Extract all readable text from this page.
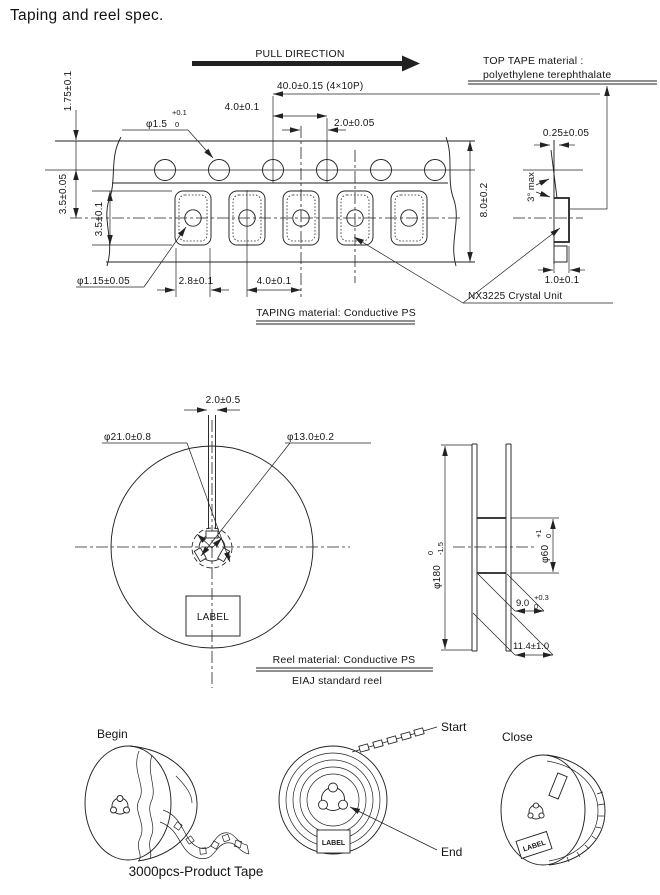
Taping and reel spec.
PULL DIRECTION
40.0±0.15 (4×10P)
4.0±0.1
2.0±0.05
1.75±0.1
3.5±0.05
3.5±0.1
φ1.5
+0.1
0
φ1.15±0.05	2.8±0.1	4.0±0.1
8.0±0.2
0.25±0.05
3° max
1.0±0.1
TOP TAPE material :
polyethylene terephthalate
NX3225 Crystal Unit
TAPING material: Conductive PS
2.0±0.5
φ21.0±0.8	φ13.0±0.2
LABEL
φ180
0 -1.5	φ60
+1 0
9.0
+0.3
0
11.4±1.0
Reel material: Conductive PS
EIAJ standard reel
Begin
3000pcs-Product Tape
Start
End
LABEL
Close
LABEL
